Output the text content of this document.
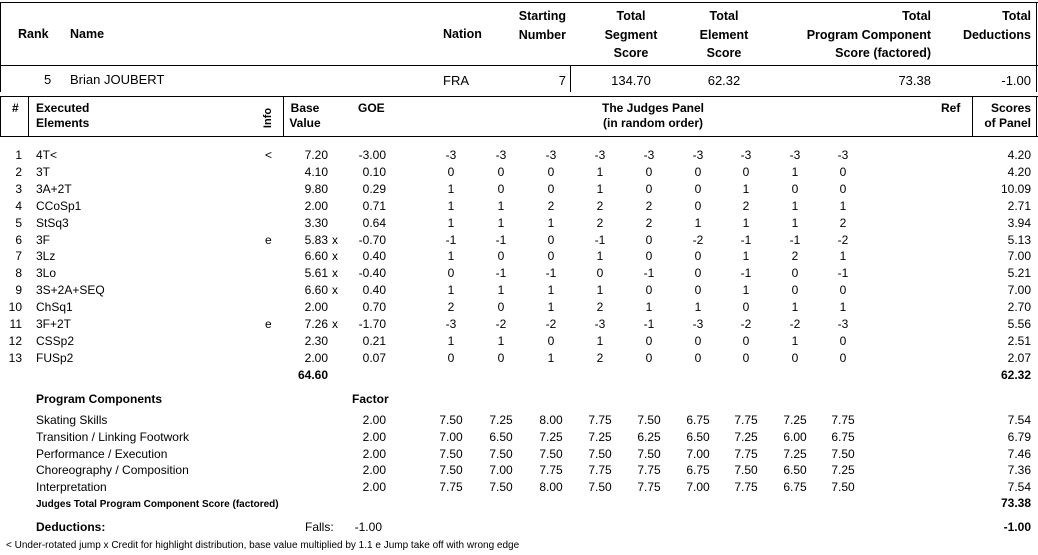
Rank Name	Nation
Starting
Number
Total
Segment
Score
Total
Element
Score
Total
Program Component
Score (factored)
Total
Deductions
5 Brian JOUBERT	FRA	7	134.70	62.32	73.38	-1.00
# Executed
Elements	Info	Base
Value
GOE	The Judges Panel
(in random order)
Ref	Scores
of Panel
1 4T<	<	7.20	-3.00	-3	-3	-3	-3	-3	-3	-3	-3	-3	4.20
2 3T	4.10	0.10	0	0	0	1	0	0	0	1	0	4.20
3 3A+2T	9.80	0.29	1	0	0	1	0	0	1	0	0	10.09
4 CCoSp1	2.00	0.71	1	1	2	2	2	0	2	1	1	2.71
5 StSq3	3.30	0.64	1	1	1	2	2	1	1	1	2	3.94
6 3F	e	5.83 x	-0.70	-1	-1	0	-1	0	-2	-1	-1	-2	5.13
7 3Lz	6.60 x	0.40	1	0	0	1	0	0	1	2	1	7.00
8 3Lo	5.61 x	-0.40	0	-1	-1	0	-1	0	-1	0	-1	5.21
9 3S+2A+SEQ	6.60 x	0.40	1	1	1	1	0	0	1	0	0	7.00
10 ChSq1	2.00	0.70	2	0	1	2	1	1	0	1	1	2.70
11 3F+2T	e	7.26 x	-1.70	-3	-2	-2	-3	-1	-3	-2	-2	-3	5.56
12 CSSp2	2.30	0.21	1	1	0	1	0	0	0	1	0	2.51
13 FUSp2	2.00	0.07	0	0	1	2	0	0	0	0	0	2.07
64.60	62.32
Program Components	Factor
Skating Skills	2.00	7.50	7.25	8.00	7.75	7.50	6.75	7.75	7.25	7.75	7.54
Transition / Linking Footwork	2.00	7.00	6.50	7.25	7.25	6.25	6.50	7.25	6.00	6.75	6.79
Performance / Execution	2.00	7.50	7.50	7.50	7.50	7.50	7.00	7.75	7.25	7.50	7.46
Choreography / Composition	2.00	7.50	7.00	7.75	7.75	7.75	6.75	7.50	6.50	7.25	7.36
Interpretation	2.00	7.75	7.50	8.00	7.50	7.75	7.00	7.75	6.75	7.50	7.54
Judges Total Program Component Score (factored)	73.38
Deductions:	Falls:	-1.00	-1.00
< Under-rotated jump x Credit for highlight distribution, base value multiplied by 1.1 e Jump take off with wrong edge
